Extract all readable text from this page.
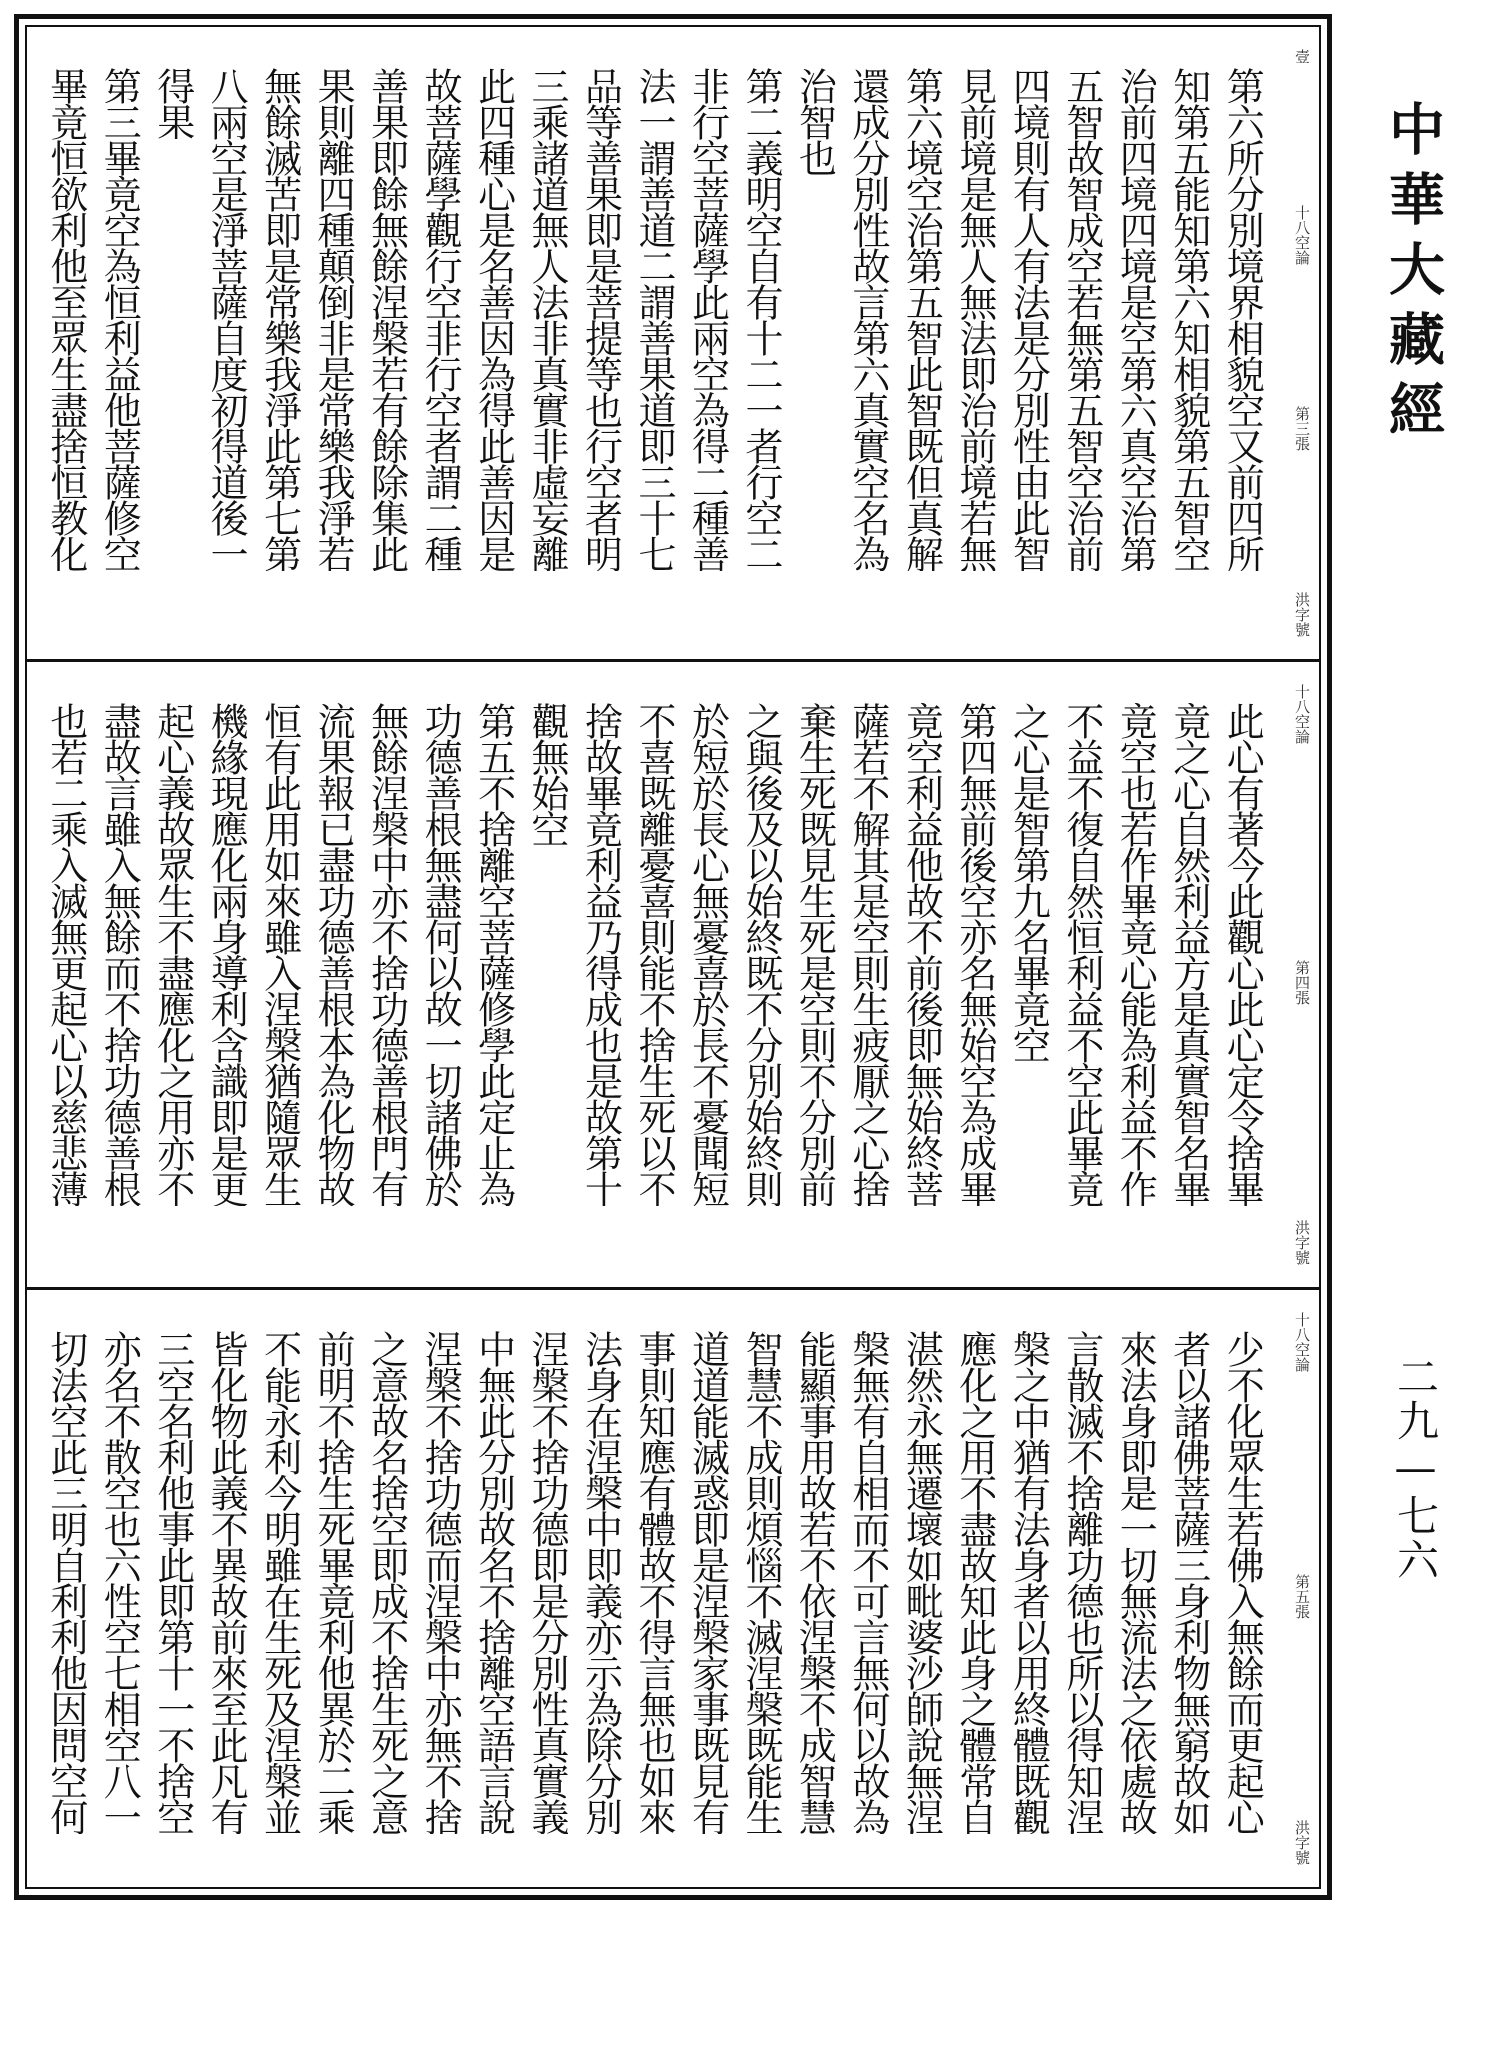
壹
十八空論
第三張
洪字號
第六所分別境界相貌空又前四所
知第五能知第六知相貌第五智空
治前四境四境是空第六真空治第
五智故智成空若無第五智空治前
四境則有人有法是分別性由此智
見前境是無人無法即治前境若無
第六境空治第五智此智既但真解
還成分別性故言第六真實空名為
治智也
第二義明空自有十二一者行空二
非行空菩薩學此兩空為得二種善
法一謂善道二謂善果道即三十七
品等善果即是菩提等也行空者明
三乘諸道無人法非真實非虛妄離
此四種心是名善因為得此善因是
故菩薩學觀行空非行空者謂二種
善果即餘無餘涅槃若有餘除集此
果則離四種顛倒非是常樂我淨若
無餘滅苦即是常樂我淨此第七第
八兩空是淨菩薩自度初得道後一
得果
第三畢竟空為恒利益他菩薩修空
畢竟恒欲利他至眾生盡捨恒教化
十八空論
第四張
洪字號
此心有著今此觀心此心定令捨畢
竟之心自然利益方是真實智名畢
竟空也若作畢竟心能為利益不作
不益不復自然恒利益不空此畢竟
之心是智第九名畢竟空
第四無前後空亦名無始空為成畢
竟空利益他故不前後即無始終菩
薩若不解其是空則生疲厭之心捨
棄生死既見生死是空則不分別前
之與後及以始終既不分別始終則
於短於長心無憂喜於長不憂聞短
不喜既離憂喜則能不捨生死以不
捨故畢竟利益乃得成也是故第十
觀無始空
第五不捨離空菩薩修學此定止為
功德善根無盡何以故一切諸佛於
無餘涅槃中亦不捨功德善根門有
流果報已盡功德善根本為化物故
恒有此用如來雖入涅槃猶隨眾生
機緣現應化兩身導利含識即是更
起心義故眾生不盡應化之用亦不
盡故言雖入無餘而不捨功德善根
也若二乘入滅無更起心以慈悲薄
十八空論
第五張
洪字號
少不化眾生若佛入無餘而更起心
者以諸佛菩薩三身利物無窮故如
來法身即是一切無流法之依處故
言散滅不捨離功德也所以得知涅
槃之中猶有法身者以用終體既觀
應化之用不盡故知此身之體常自
湛然永無遷壞如毗婆沙師說無涅
槃無有自相而不可言無何以故為
能顯事用故若不依涅槃不成智慧
智慧不成則煩惱不滅涅槃既能生
道道能滅惑即是涅槃家事既見有
事則知應有體故不得言無也如來
法身在涅槃中即義亦示為除分別
涅槃不捨功德即是分別性真實義
中無此分別故名不捨離空語言說
涅槃不捨功德而涅槃中亦無不捨
之意故名捨空即成不捨生死之意
前明不捨生死畢竟利他異於二乘
不能永利今明雖在生死及涅槃並
皆化物此義不異故前來至此凡有
三空名利他事此即第十一不捨空
亦名不散空也六性空七相空八一
切法空此三明自利利他因問空何
中華大藏經
二九—七六
